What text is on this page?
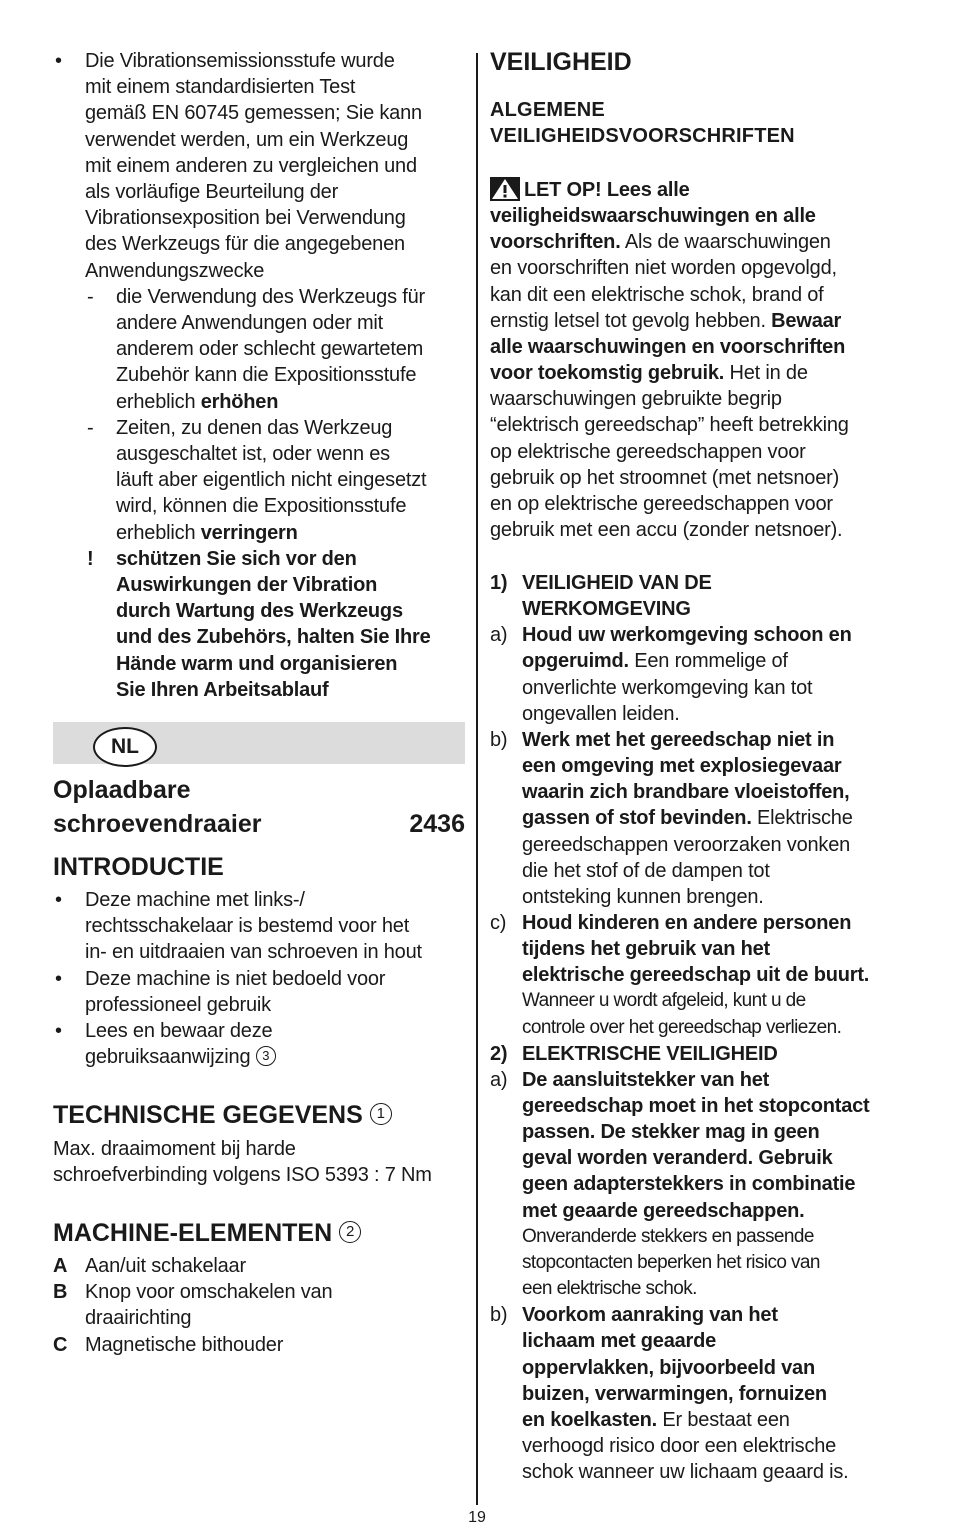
• Die Vibrationsemissionsstufe wurde
mit einem standardisierten Test
gemäß EN 60745 gemessen; Sie kann
verwendet werden, um ein Werkzeug
mit einem anderen zu vergleichen und
als vorläufige Beurteilung der
Vibrationsexposition bei Verwendung
des Werkzeugs für die angegebenen
Anwendungszwecke
- die Verwendung des Werkzeugs für
andere Anwendungen oder mit
anderem oder schlecht gewartetem
Zubehör kann die Expositionsstufe
erheblich erhöhen
- Zeiten, zu denen das Werkzeug
ausgeschaltet ist, oder wenn es
läuft aber eigentlich nicht eingesetzt
wird, können die Expositionsstufe
erheblich verringern
! schützen Sie sich vor den
Auswirkungen der Vibration
durch Wartung des Werkzeugs
und des Zubehörs, halten Sie Ihre
Hände warm und organisieren
Sie Ihren Arbeitsablauf
NL
Oplaadbare
schroevendraaier	2436
INTRODUCTIE
• Deze machine met links-/
rechtsschakelaar is bestemd voor het
in- en uitdraaien van schroeven in hout
• Deze machine is niet bedoeld voor
professioneel gebruik
• Lees en bewaar deze
gebruiksaanwijzing 3
TECHNISCHE GEGEVENS 1
Max. draaimoment bij harde
schroefverbinding volgens ISO 5393 : 7 Nm
MACHINE-ELEMENTEN 2
A Aan/uit schakelaar
B Knop voor omschakelen van
draairichting
C Magnetische bithouder
VEILIGHEID
ALGEMENE
VEILIGHEIDSVOORSCHRIFTEN
LET OP! Lees alle
veiligheidswaarschuwingen en alle
voorschriften. Als de waarschuwingen
en voorschriften niet worden opgevolgd,
kan dit een elektrische schok, brand of
ernstig letsel tot gevolg hebben. Bewaar
alle waarschuwingen en voorschriften
voor toekomstig gebruik. Het in de
waarschuwingen gebruikte begrip
“elektrisch gereedschap” heeft betrekking
op elektrische gereedschappen voor
gebruik op het stroomnet (met netsnoer)
en op elektrische gereedschappen voor
gebruik met een accu (zonder netsnoer).
1) VEILIGHEID VAN DE
WERKOMGEVING
a) Houd uw werkomgeving schoon en
opgeruimd. Een rommelige of
onverlichte werkomgeving kan tot
ongevallen leiden.
b) Werk met het gereedschap niet in
een omgeving met explosiegevaar
waarin zich brandbare vloeistoffen,
gassen of stof bevinden. Elektrische
gereedschappen veroorzaken vonken
die het stof of de dampen tot
ontsteking kunnen brengen.
c) Houd kinderen en andere personen
tijdens het gebruik van het
elektrische gereedschap uit de buurt.
Wanneer u wordt afgeleid, kunt u de
controle over het gereedschap verliezen.
2) ELEKTRISCHE VEILIGHEID
a) De aansluitstekker van het
gereedschap moet in het stopcontact
passen. De stekker mag in geen
geval worden veranderd. Gebruik
geen adapterstekkers in combinatie
met geaarde gereedschappen.
Onveranderde stekkers en passende
stopcontacten beperken het risico van
een elektrische schok.
b) Voorkom aanraking van het
lichaam met geaarde
oppervlakken, bijvoorbeeld van
buizen, verwarmingen, fornuizen
en koelkasten. Er bestaat een
verhoogd risico door een elektrische
schok wanneer uw lichaam geaard is.
19
